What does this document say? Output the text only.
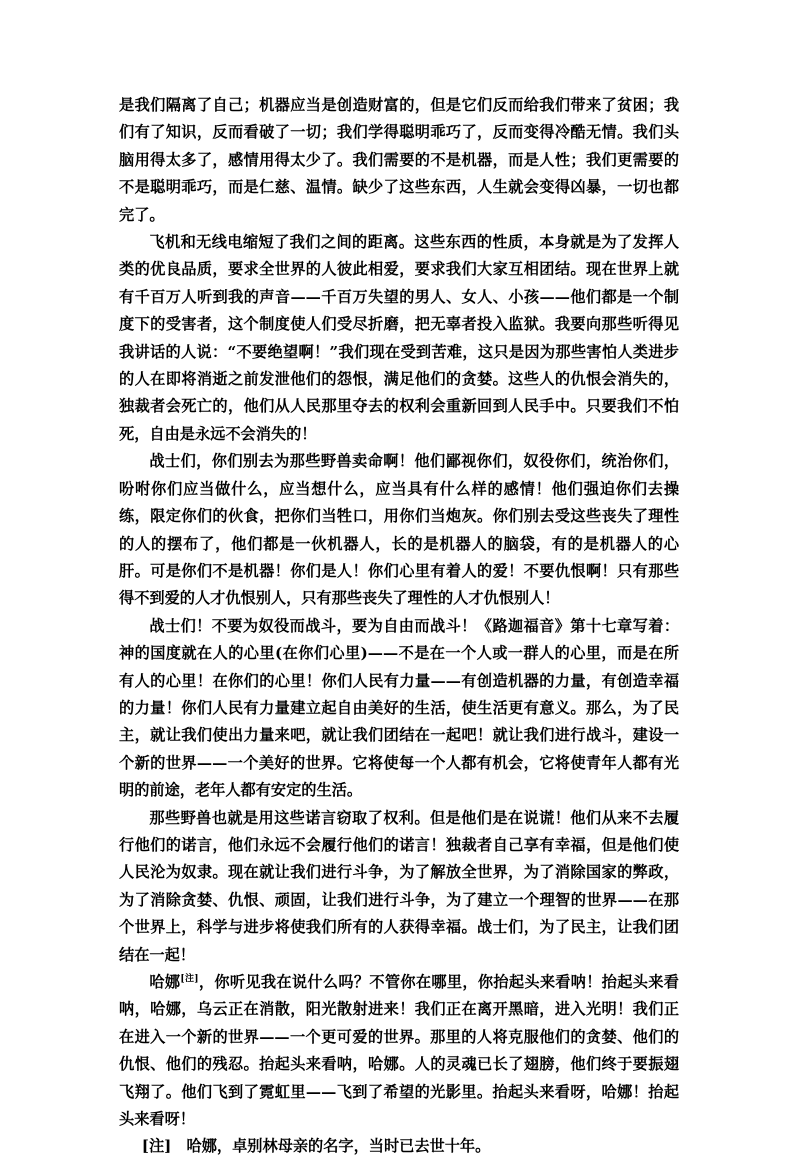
是我们隔离了自己；机器应当是创造财富的，但是它们反而给我们带来了贫困；我们有了知识，反而看破了一切；我们学得聪明乖巧了，反而变得冷酷无情。我们头脑用得太多了，感情用得太少了。我们需要的不是机器，而是人性；我们更需要的不是聪明乖巧，而是仁慈、温情。缺少了这些东西，人生就会变得凶暴，一切也都完了。

飞机和无线电缩短了我们之间的距离。这些东西的性质，本身就是为了发挥人类的优良品质，要求全世界的人彼此相爱，要求我们大家互相团结。现在世界上就有千百万人听到我的声音——千百万失望的男人、女人、小孩——他们都是一个制度下的受害者，这个制度使人们受尽折磨，把无辜者投入监狱。我要向那些听得见我讲话的人说：“不要绝望啊！”我们现在受到苦难，这只是因为那些害怕人类进步的人在即将消逝之前发泄他们的怨恨，满足他们的贪婪。这些人的仇恨会消失的，独裁者会死亡的，他们从人民那里夺去的权利会重新回到人民手中。只要我们不怕死，自由是永远不会消失的！

战士们，你们别去为那些野兽卖命啊！他们鄙视你们，奴役你们，统治你们，吩咐你们应当做什么，应当想什么，应当具有什么样的感情！他们强迫你们去操练，限定你们的伙食，把你们当牲口，用你们当炮灰。你们别去受这些丧失了理性的人的摆布了，他们都是一伙机器人，长的是机器人的脑袋，有的是机器人的心肝。可是你们不是机器！你们是人！你们心里有着人的爱！不要仇恨啊！只有那些得不到爱的人才仇恨别人，只有那些丧失了理性的人才仇恨别人！

战士们！不要为奴役而战斗，要为自由而战斗！《路迦福音》第十七章写着：神的国度就在人的心里(在你们心里)——不是在一个人或一群人的心里，而是在所有人的心里！在你们的心里！你们人民有力量——有创造机器的力量，有创造幸福的力量！你们人民有力量建立起自由美好的生活，使生活更有意义。那么，为了民主，就让我们使出力量来吧，就让我们团结在一起吧！就让我们进行战斗，建设一个新的世界——一个美好的世界。它将使每一个人都有机会，它将使青年人都有光明的前途，老年人都有安定的生活。

那些野兽也就是用这些诺言窃取了权利。但是他们是在说谎！他们从来不去履行他们的诺言，他们永远不会履行他们的诺言！独裁者自己享有幸福，但是他们使人民沦为奴隶。现在就让我们进行斗争，为了解放全世界，为了消除国家的弊政，为了消除贪婪、仇恨、顽固，让我们进行斗争，为了建立一个理智的世界——在那个世界上，科学与进步将使我们所有的人获得幸福。战士们，为了民主，让我们团结在一起！

哈娜[注]，你听见我在说什么吗？不管你在哪里，你抬起头来看呐！抬起头来看呐，哈娜，乌云正在消散，阳光散射进来！我们正在离开黑暗，进入光明！我们正在进入一个新的世界——一个更可爱的世界。那里的人将克服他们的贪婪、他们的仇恨、他们的残忍。抬起头来看呐，哈娜。人的灵魂已长了翅膀，他们终于要振翅飞翔了。他们飞到了霓虹里——飞到了希望的光影里。抬起头来看呀，哈娜！抬起头来看呀！

[注]   哈娜，卓别林母亲的名字，当时已去世十年。
